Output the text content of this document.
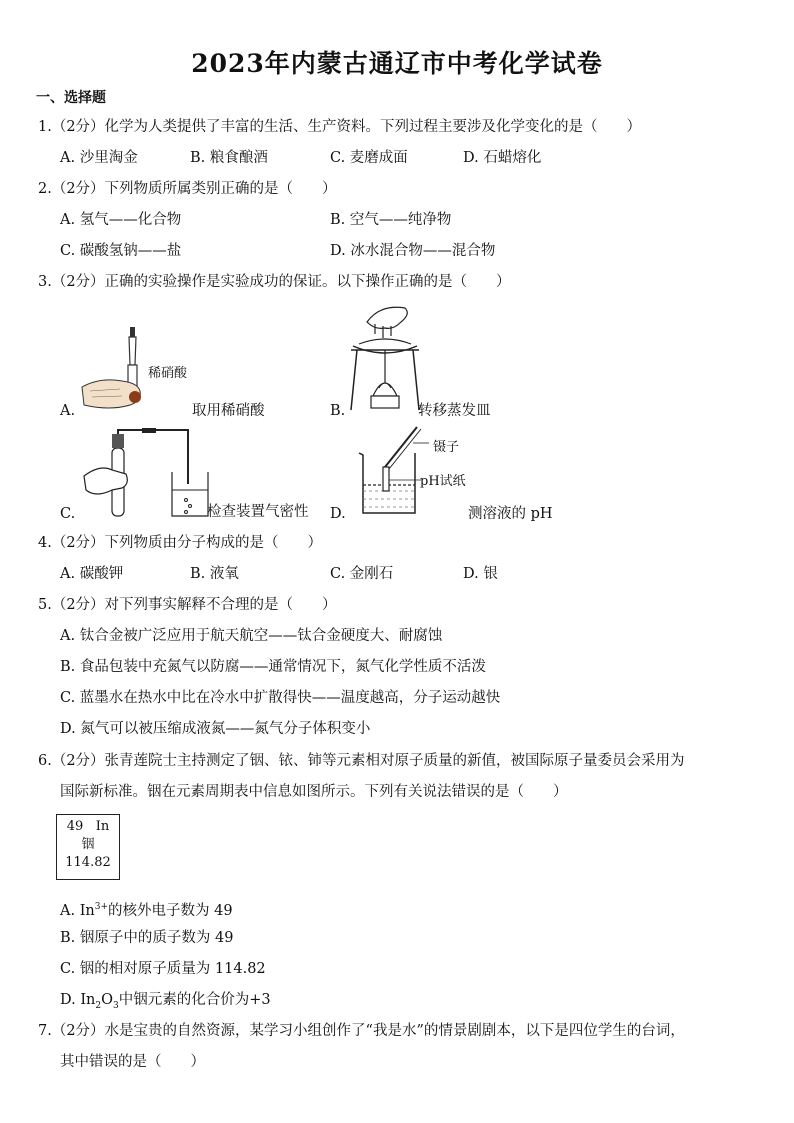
2023年内蒙古通辽市中考化学试卷
一、选择题
1.（2分）化学为人类提供了丰富的生活、生产资料。下列过程主要涉及化学变化的是（　　）
A. 沙里淘金	B. 粮食酿酒	C. 麦磨成面	D. 石蜡熔化
2.（2分）下列物质所属类别正确的是（　　）
A. 氢气——化合物	B. 空气——纯净物
C. 碳酸氢钠——盐	D. 冰水混合物——混合物
3.（2分）正确的实验操作是实验成功的保证。以下操作正确的是（　　）
稀硝酸
A.	取用稀硝酸	B.	转移蒸发皿
C.	检查装置气密性
镊子
pH试纸
D.	测溶液的 pH
4.（2分）下列物质由分子构成的是（　　）
A. 碳酸钾	B. 液氧	C. 金刚石	D. 银
5.（2分）对下列事实解释不合理的是（　　）
A. 钛合金被广泛应用于航天航空——钛合金硬度大、耐腐蚀
B. 食品包装中充氮气以防腐——通常情况下，氮气化学性质不活泼
C. 蓝墨水在热水中比在冷水中扩散得快——温度越高，分子运动越快
D. 氮气可以被压缩成液氮——氮气分子体积变小
6.（2分）张青莲院士主持测定了铟、铱、铈等元素相对原子质量的新值，被国际原子量委员会采用为
国际新标准。铟在元素周期表中信息如图所示。下列有关说法错误的是（　　）
49 In
铟
114.82
A. $In^{3+}$的核外电子数为 49
B. 铟原子中的质子数为 49
C. 铟的相对原子质量为 114.82
D. $In_2O_3$中铟元素的化合价为+3
7.（2分）水是宝贵的自然资源，某学习小组创作了“我是水”的情景剧剧本，以下是四位学生的台词，
其中错误的是（　　）
